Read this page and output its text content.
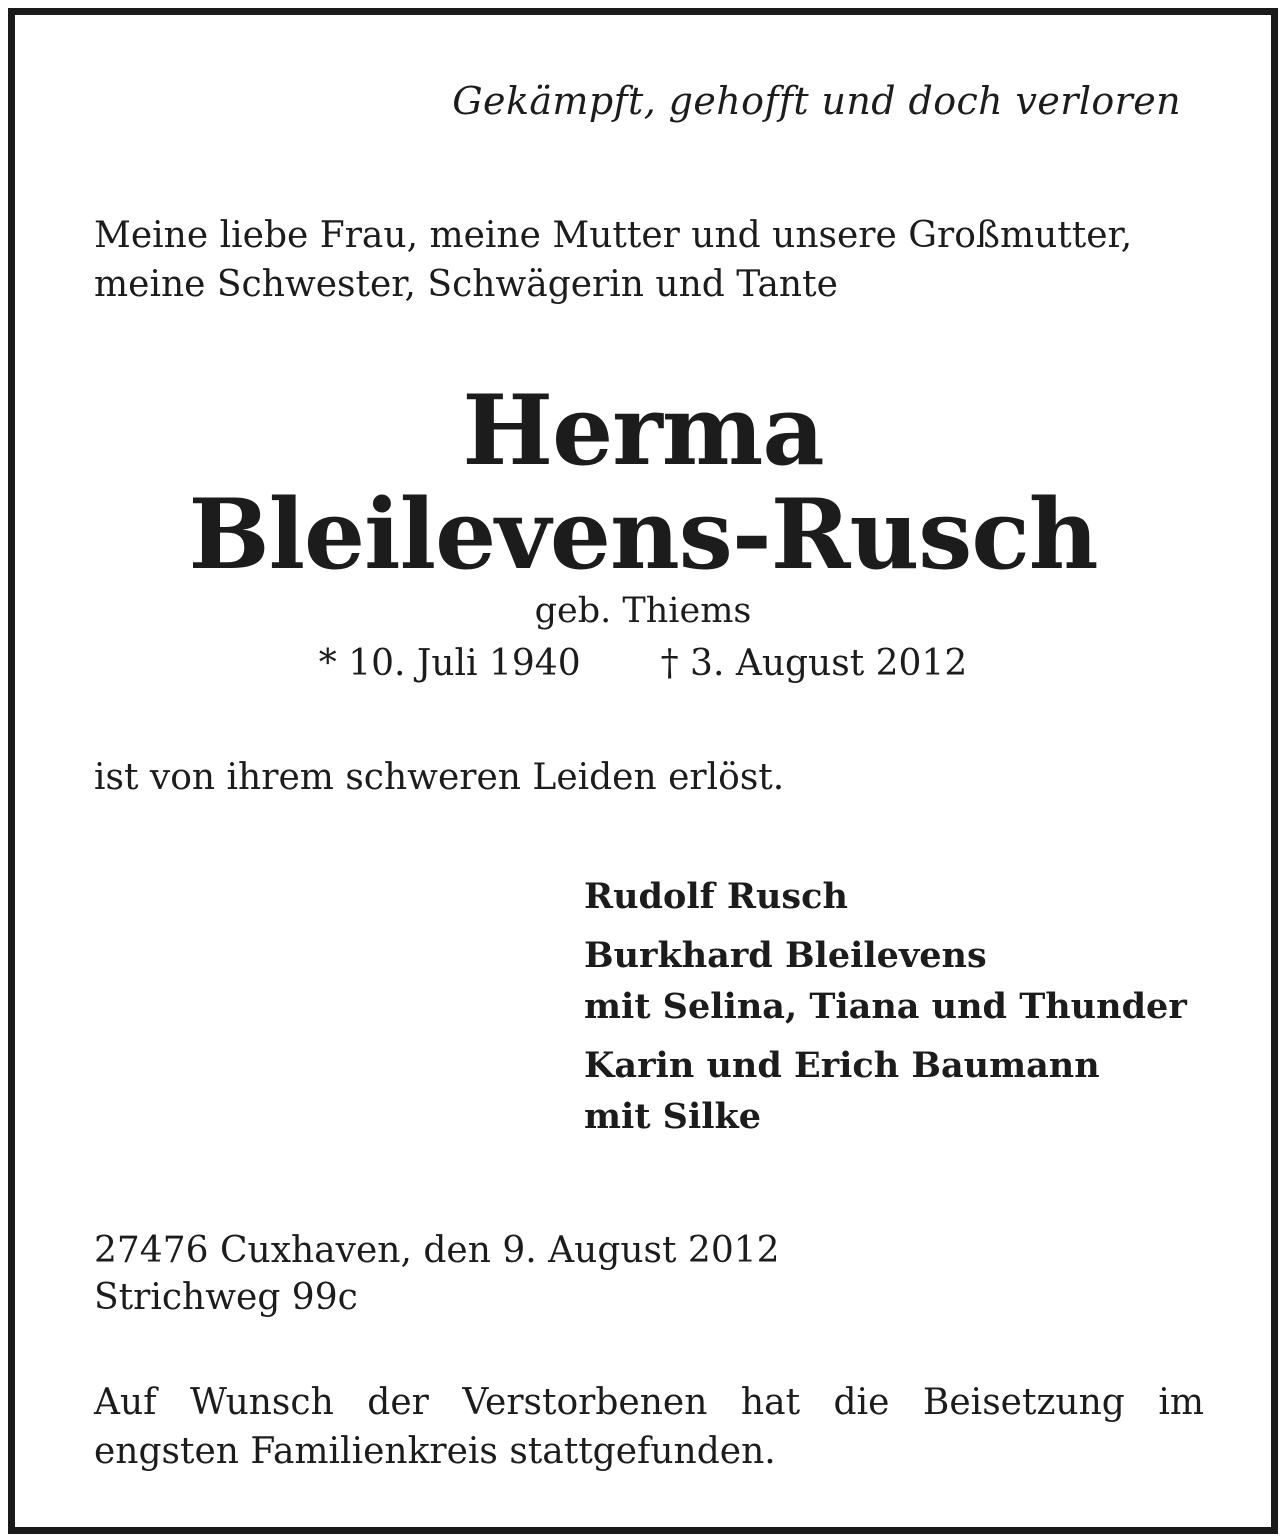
Gekämpft, gehofft und doch verloren
Meine liebe Frau, meine Mutter und unsere Großmutter,
meine Schwester, Schwägerin und Tante
Herma
Bleilevens-Rusch
geb. Thiems
* 10. Juli 1940 † 3. August 2012
ist von ihrem schweren Leiden erlöst.
Rudolf Rusch
Burkhard Bleilevens
mit Selina, Tiana und Thunder
Karin und Erich Baumann
mit Silke
27476 Cuxhaven, den 9. August 2012
Strichweg 99c
Auf Wunsch der Verstorbenen hat die Beisetzung im
engsten Familienkreis stattgefunden.
